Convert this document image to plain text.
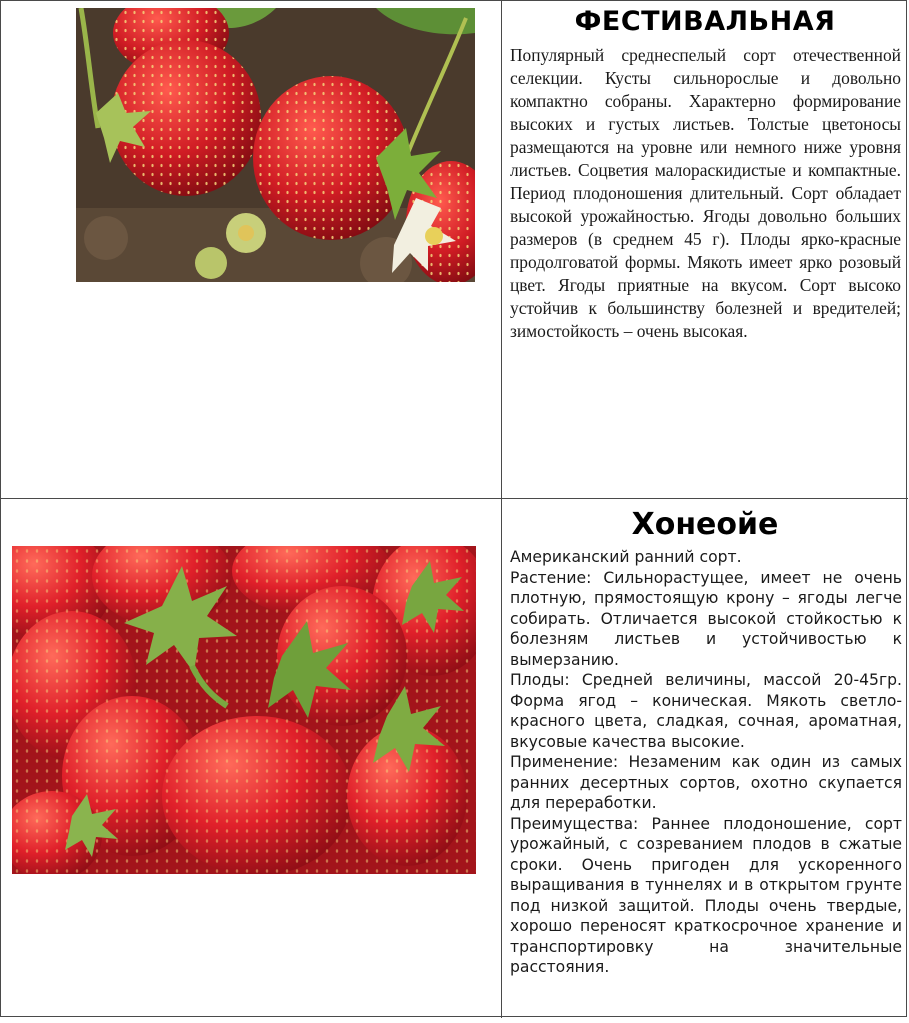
ФЕСТИВАЛЬНАЯ

Популярный среднеспелый сорт отечественной селекции. Кусты сильнорослые и довольно компактно собраны. Характерно формирование высоких и густых листьев. Толстые цветоносы размещаются на уровне или немного ниже уровня листьев. Соцветия малораскидистые и компактные. Период плодоношения длительный. Сорт обладает высокой урожайностью. Ягоды довольно больших размеров (в среднем 45 г). Плоды ярко-красные продолговатой формы. Мякоть имеет ярко розовый цвет. Ягоды приятные на вкусом. Сорт высоко устойчив к большинству болезней и вредителей; зимостойкость – очень высокая.

Хонеойе

Американский ранний сорт.

Растение: Сильнорастущее, имеет не очень плотную, прямостоящую крону – ягоды легче собирать. Отличается высокой стойкостью к болезням листьев и устойчивостью к вымерзанию.

Плоды: Средней величины, массой 20-45гр. Форма ягод – коническая. Мякоть светло-красного цвета, сладкая, сочная, ароматная, вкусовые качества высокие.

Применение: Незаменим как один из самых ранних десертных сортов, охотно скупается для переработки.

Преимущества: Раннее плодоношение, сорт урожайный, с созреванием плодов в сжатые сроки. Очень пригоден для ускоренного выращивания в туннелях и в открытом грунте под низкой защитой. Плоды очень твердые, хорошо переносят краткосрочное хранение и транспортировку на значительные расстояния.
